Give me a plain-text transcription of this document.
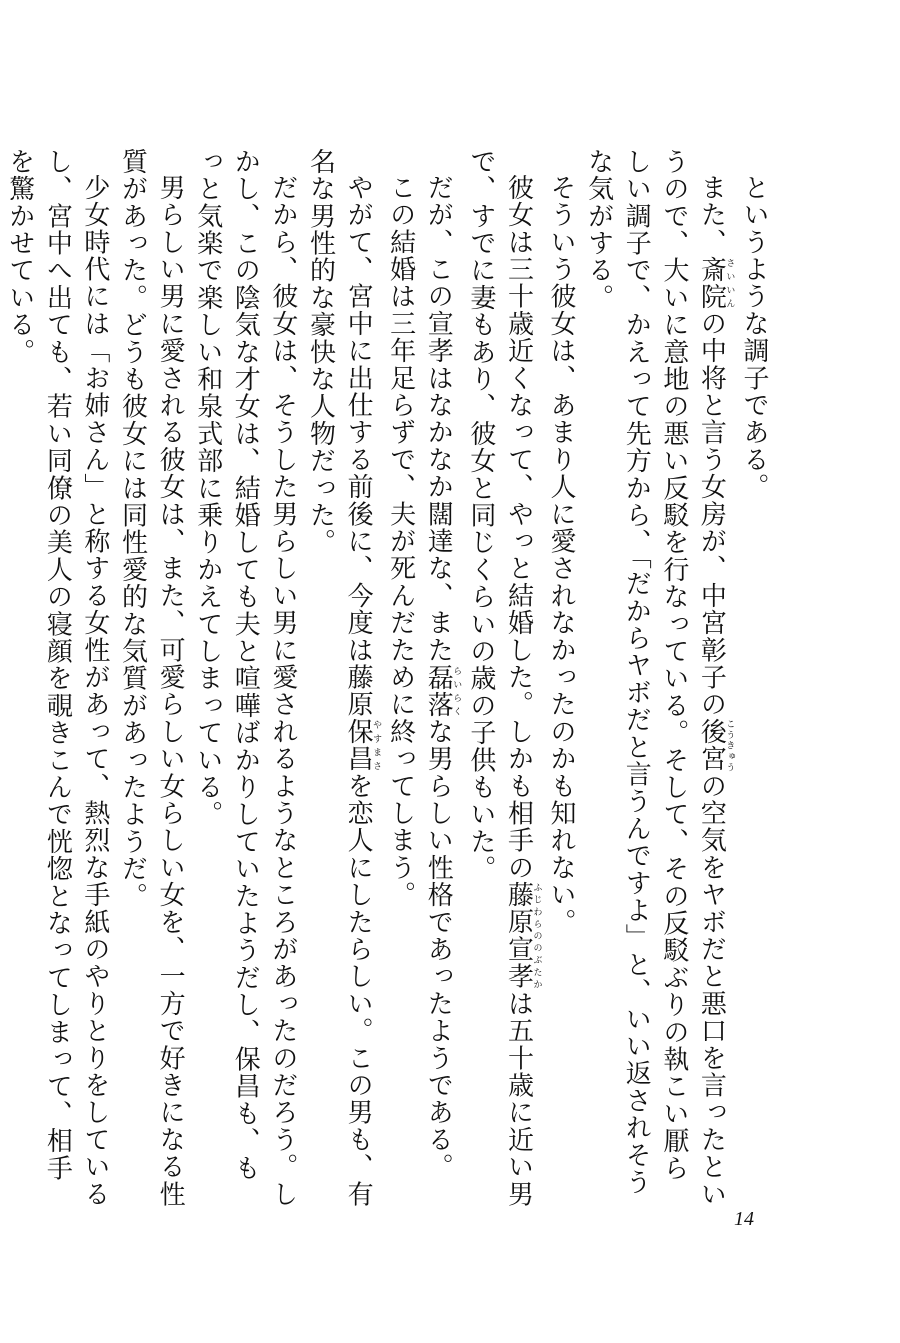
というような調子である。

また、斎院さいいんの中将と言う女房が、中宮彰子の後宮こうきゅうの空気をヤボだと悪口を言ったというので、大いに意地の悪い反駁を行なっている。そして、その反駁ぶりの執こい厭らしい調子で、かえって先方から、「だからヤボだと言うんですよ」と、いい返されそうな気がする。

そういう彼女は、あまり人に愛されなかったのかも知れない。

彼女は三十歳近くなって、やっと結婚した。しかも相手の藤原宣孝ふじわらののぶたかは五十歳に近い男で、すでに妻もあり、彼女と同じくらいの歳の子供もいた。

だが、この宣孝はなかなか闊達な、また磊落らいらくな男らしい性格であったようである。

この結婚は三年足らずで、夫が死んだために終ってしまう。

やがて、宮中に出仕する前後に、今度は藤原保昌やすまさを恋人にしたらしい。この男も、有名な男性的な豪快な人物だった。

だから、彼女は、そうした男らしい男に愛されるようなところがあったのだろう。しかし、この陰気な才女は、結婚しても夫と喧嘩ばかりしていたようだし、保昌も、もっと気楽で楽しい和泉式部に乗りかえてしまっている。

男らしい男に愛される彼女は、また、可愛らしい女らしい女を、一方で好きになる性質があった。どうも彼女には同性愛的な気質があったようだ。

少女時代には「お姉さん」と称する女性があって、熱烈な手紙のやりとりをしているし、宮中へ出ても、若い同僚の美人の寝顔を覗きこんで恍惚となってしまって、相手を驚かせている。

14
